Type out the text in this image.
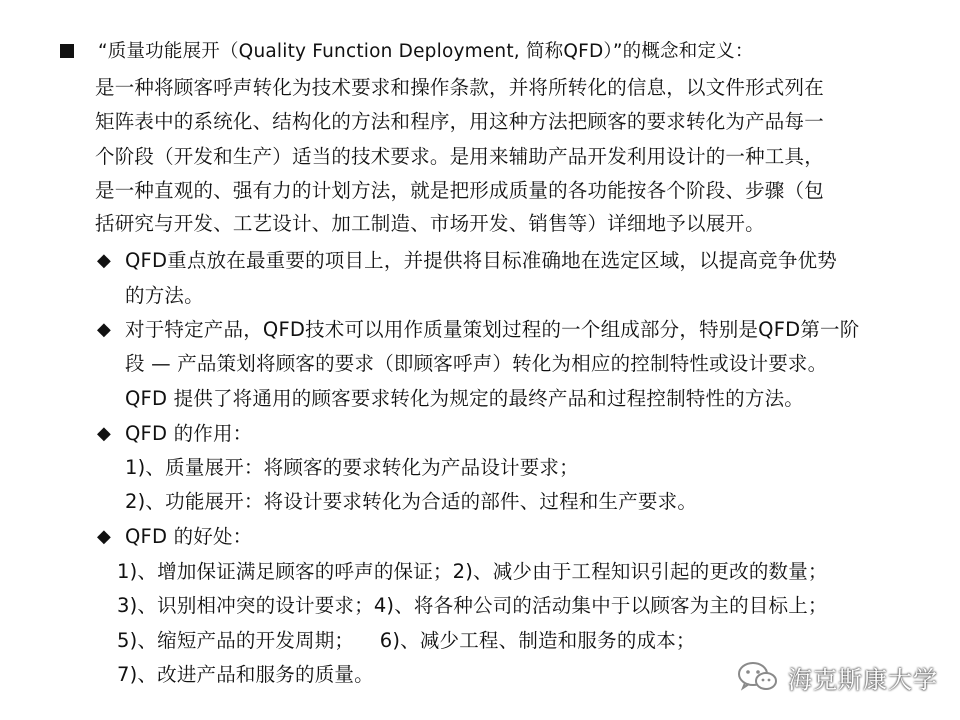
“质量功能展开（Quality Function Deployment, 简称QFD）”的概念和定义：
是一种将顾客呼声转化为技术要求和操作条款，并将所转化的信息，以文件形式列在
矩阵表中的系统化、结构化的方法和程序，用这种方法把顾客的要求转化为产品每一
个阶段（开发和生产）适当的技术要求。是用来辅助产品开发利用设计的一种工具，
是一种直观的、强有力的计划方法，就是把形成质量的各功能按各个阶段、步骤（包
括研究与开发、工艺设计、加工制造、市场开发、销售等）详细地予以展开。
◆ QFD重点放在最重要的项目上，并提供将目标准确地在选定区域，以提高竞争优势
的方法。
◆ 对于特定产品，QFD技术可以用作质量策划过程的一个组成部分，特别是QFD第一阶
段 — 产品策划将顾客的要求（即顾客呼声）转化为相应的控制特性或设计要求。
QFD 提供了将通用的顾客要求转化为规定的最终产品和过程控制特性的方法。
◆ QFD 的作用：
1)、质量展开：将顾客的要求转化为产品设计要求；
2)、功能展开：将设计要求转化为合适的部件、过程和生产要求。
◆ QFD 的好处：
1)、增加保证满足顾客的呼声的保证；2)、减少由于工程知识引起的更改的数量；
3)、识别相冲突的设计要求；4)、将各种公司的活动集中于以顾客为主的目标上；
5)、缩短产品的开发周期；    6)、减少工程、制造和服务的成本；
7)、改进产品和服务的质量。	海克斯康大学
